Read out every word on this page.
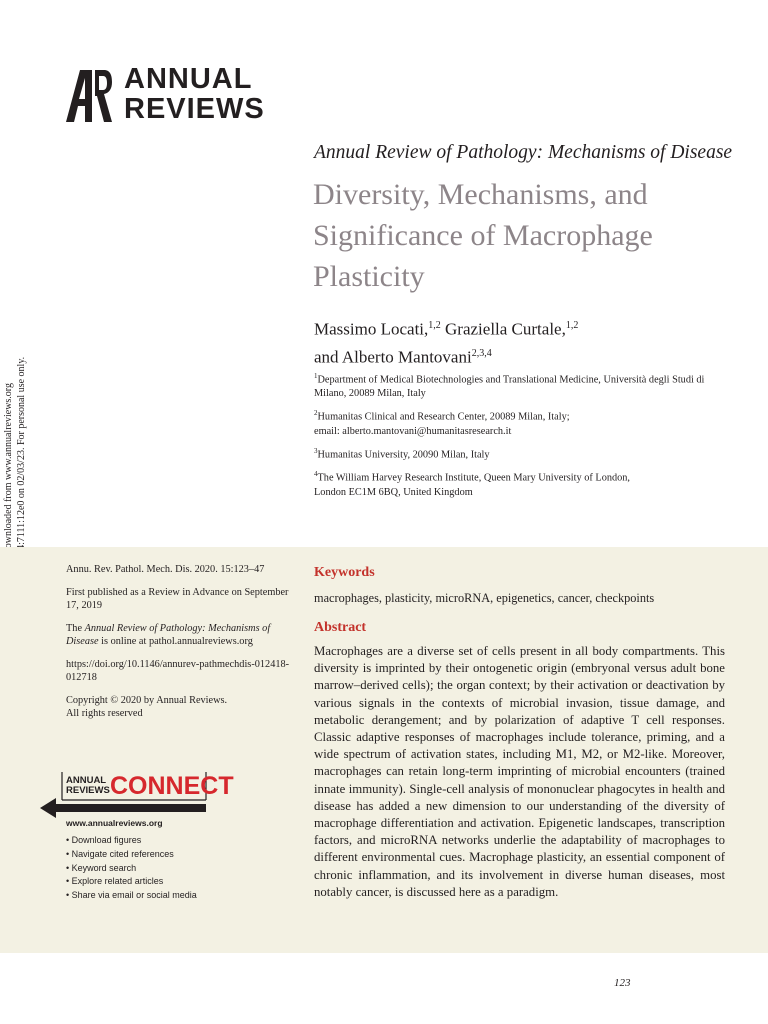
ANNUAL
REVIEWS
Annual Review of Pathology: Mechanisms of Disease
Diversity, Mechanisms, and Significance of Macrophage Plasticity
Massimo Locati,$^{1,2}$ Graziella Curtale,$^{1,2}$
and Alberto Mantovani$^{2,3,4}$
$^1$Department of Medical Biotechnologies and Translational Medicine, Università degli Studi di Milano, 20089 Milan, Italy
$^2$Humanitas Clinical and Research Center, 20089 Milan, Italy;
email: alberto.mantovani@humanitasresearch.it
$^3$Humanitas University, 20090 Milan, Italy
$^4$The William Harvey Research Institute, Queen Mary University of London,
London EC1M 6BQ, United Kingdom
Annu. Rev. Pathol. Mech. Dis. 2020. 15:123–47
First published as a Review in Advance on September 17, 2019
The Annual Review of Pathology: Mechanisms of Disease is online at pathol.annualreviews.org
https://doi.org/10.1146/annurev-pathmechdis-012418-012718
Copyright © 2020 by Annual Reviews.
All rights reserved
ANNUAL
REVIEWS CONNECT
www.annualreviews.org
• Download figures
• Navigate cited references
• Keyword search
• Explore related articles
• Share via email or social media
Keywords
macrophages, plasticity, microRNA, epigenetics, cancer, checkpoints
Abstract
Macrophages are a diverse set of cells present in all body compartments. This diversity is imprinted by their ontogenetic origin (embryonal versus adult bone marrow–derived cells); the organ context; by their activation or deactivation by various signals in the contexts of microbial invasion, tissue damage, and metabolic derangement; and by polarization of adaptive T cell responses. Classic adaptive responses of macrophages include tolerance, priming, and a wide spectrum of activation states, including M1, M2, or M2-like. Moreover, macrophages can retain long-term imprinting of microbial encounters (trained innate immunity). Single-cell analysis of mononuclear phagocytes in health and disease has added a new dimension to our understanding of the diversity of macrophage differentiation and activation. Epigenetic landscapes, transcription factors, and microRNA networks underlie the adaptability of macrophages to different environmental cues. Macrophage plasticity, an essential component of chronic inflammation, and its involvement in diverse human diseases, most notably cancer, is discussed here as a paradigm.
123
